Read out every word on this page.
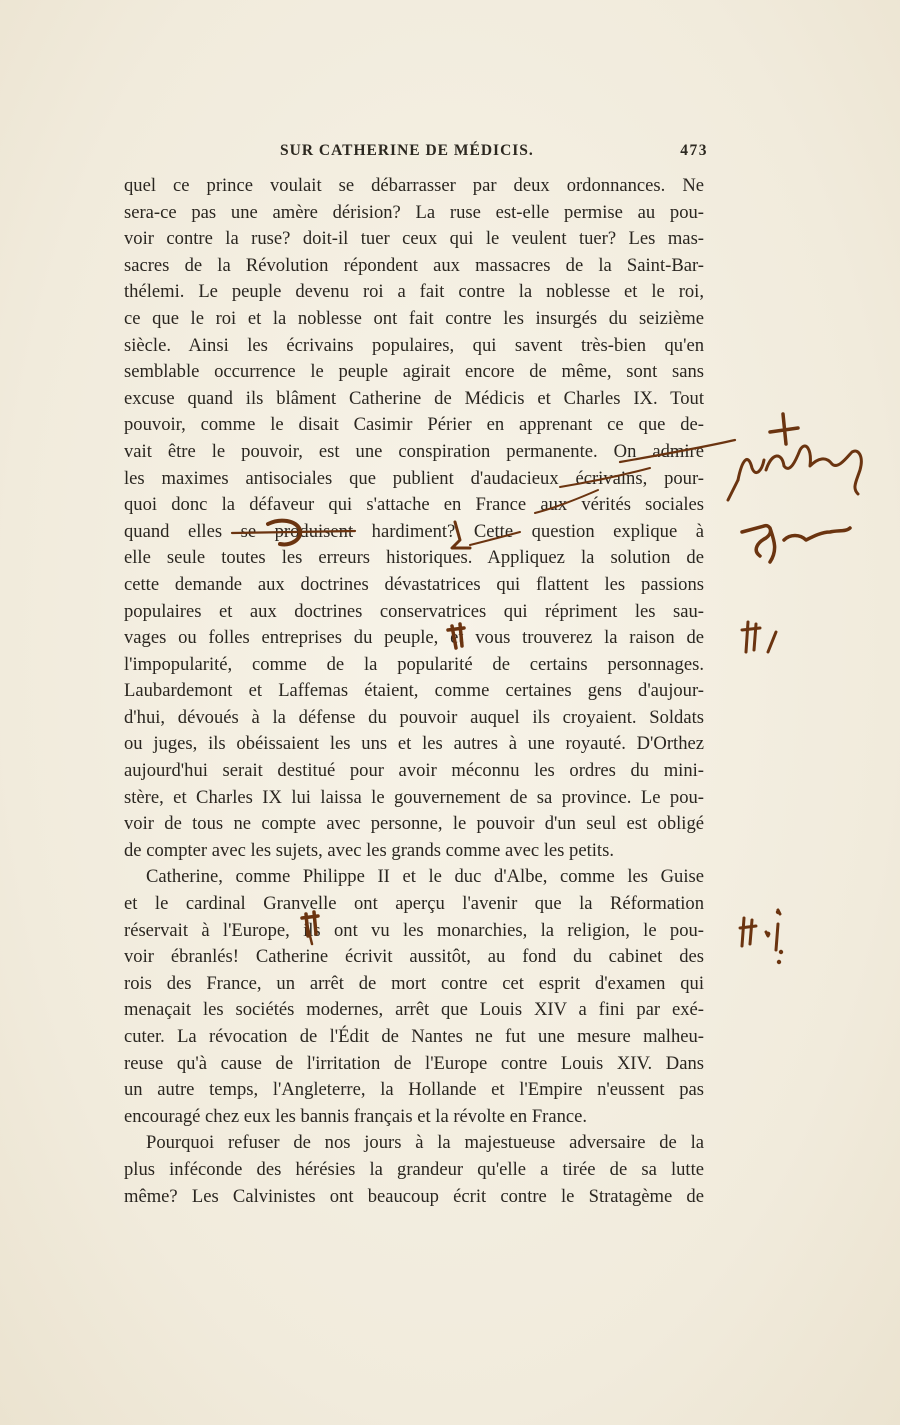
SUR CATHERINE DE MÉDICIS.	473
quel ce prince voulait se débarrasser par deux ordonnances. Ne
sera-ce pas une amère dérision? La ruse est-elle permise au pou-
voir contre la ruse? doit-il tuer ceux qui le veulent tuer? Les mas-
sacres de la Révolution répondent aux massacres de la Saint-Bar-
thélemi. Le peuple devenu roi a fait contre la noblesse et le roi,
ce que le roi et la noblesse ont fait contre les insurgés du seizième
siècle. Ainsi les écrivains populaires, qui savent très-bien qu'en
semblable occurrence le peuple agirait encore de même, sont sans
excuse quand ils blâment Catherine de Médicis et Charles IX. Tout
pouvoir, comme le disait Casimir Périer en apprenant ce que de-
vait être le pouvoir, est une conspiration permanente. On admire
les maximes antisociales que publient d'audacieux écrivains, pour-
quoi donc la défaveur qui s'attache en France aux vérités sociales
quand elles se produisent hardiment? Cette question explique à
elle seule toutes les erreurs historiques. Appliquez la solution de
cette demande aux doctrines dévastatrices qui flattent les passions
populaires et aux doctrines conservatrices qui répriment les sau-
vages ou folles entreprises du peuple, et vous trouverez la raison de
l'impopularité, comme de la popularité de certains personnages.
Laubardemont et Laffemas étaient, comme certaines gens d'aujour-
d'hui, dévoués à la défense du pouvoir auquel ils croyaient. Soldats
ou juges, ils obéissaient les uns et les autres à une royauté. D'Orthez
aujourd'hui serait destitué pour avoir méconnu les ordres du mini-
stère, et Charles IX lui laissa le gouvernement de sa province. Le pou-
voir de tous ne compte avec personne, le pouvoir d'un seul est obligé
de compter avec les sujets, avec les grands comme avec les petits.
Catherine, comme Philippe II et le duc d'Albe, comme les Guise
et le cardinal Granvelle ont aperçu l'avenir que la Réformation
réservait à l'Europe, ils ont vu les monarchies, la religion, le pou-
voir ébranlés! Catherine écrivit aussitôt, au fond du cabinet des
rois des France, un arrêt de mort contre cet esprit d'examen qui
menaçait les sociétés modernes, arrêt que Louis XIV a fini par exé-
cuter. La révocation de l'Édit de Nantes ne fut une mesure malheu-
reuse qu'à cause de l'irritation de l'Europe contre Louis XIV. Dans
un autre temps, l'Angleterre, la Hollande et l'Empire n'eussent pas
encouragé chez eux les bannis français et la révolte en France.
Pourquoi refuser de nos jours à la majestueuse adversaire de la
plus inféconde des hérésies la grandeur qu'elle a tirée de sa lutte
même? Les Calvinistes ont beaucoup écrit contre le Stratagème de
